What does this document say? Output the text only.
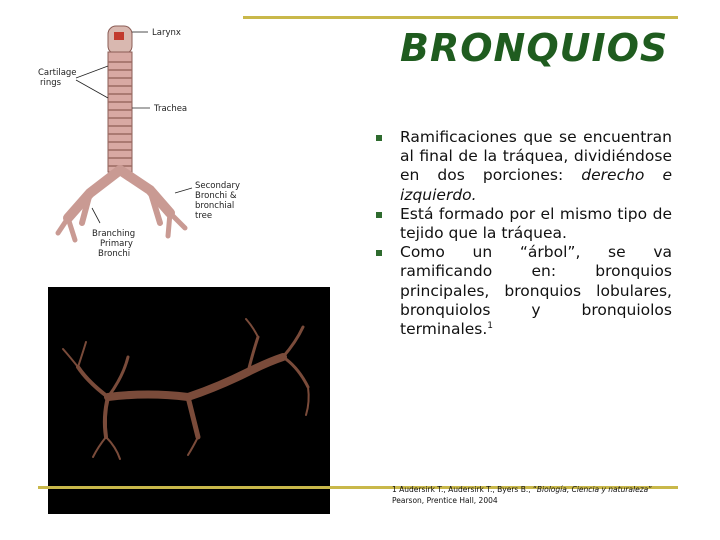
BRONQUIOS
Larynx
Cartilage
rings
Trachea
Secondary
Bronchi &
bronchial
tree
Branching
Primary
Bronchi
Ramificaciones que se encuentran al final de la tráquea, dividiéndose en dos porciones: derecho e izquierdo.
Está formado por el mismo tipo de tejido que la tráquea.
Como un “árbol”, se va ramificando en: bronquios principales, bronquios lobulares, bronquiolos y bronquiolos terminales.$^1$
1 Audersirk T., Audersirk T., Byers B., “Biología, Ciencia y naturaleza” Pearson, Prentice Hall, 2004
